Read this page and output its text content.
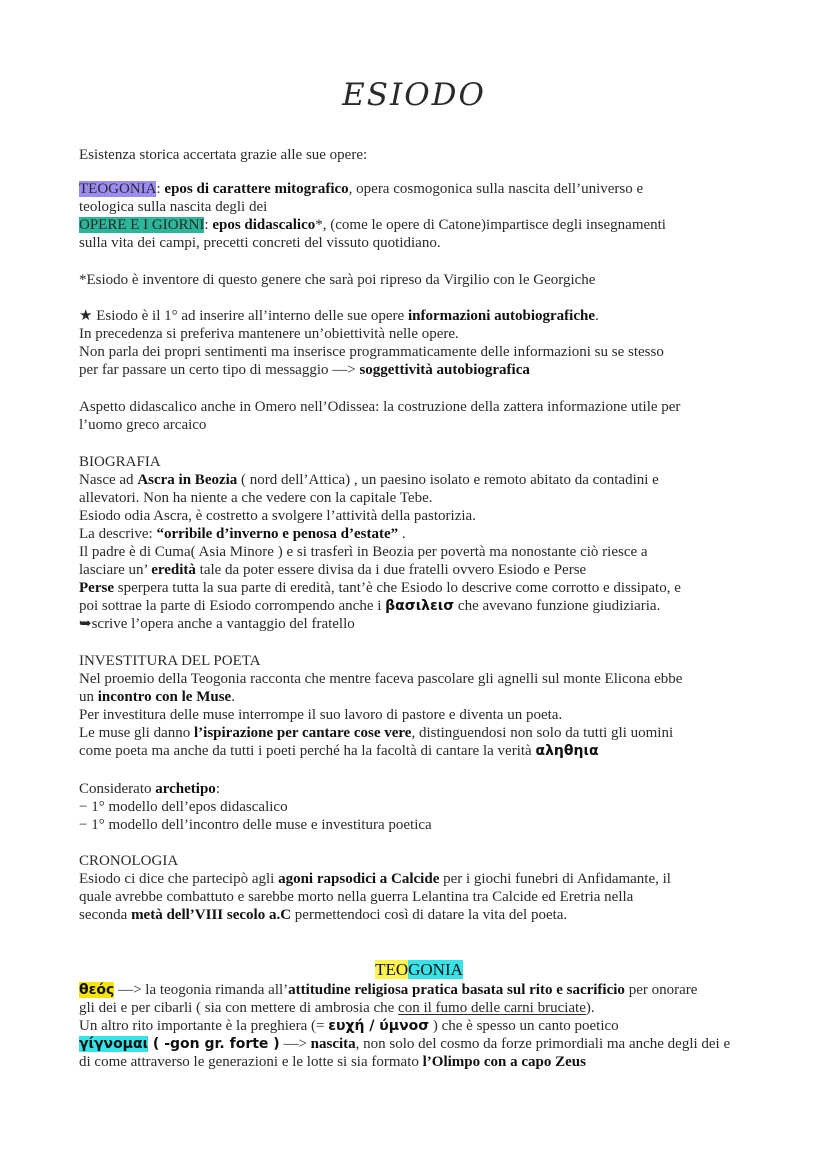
ESIODO
Esistenza storica accertata grazie alle sue opere:
TEOGONIA: epos di carattere mitografico, opera cosmogonica sulla nascita dell’universo e
teologica sulla nascita degli dei
OPERE E I GIORNI: epos didascalico*, (come le opere di Catone)impartisce degli insegnamenti
sulla vita dei campi, precetti concreti del vissuto quotidiano.
*Esiodo è inventore di questo genere che sarà poi ripreso da Virgilio con le Georgiche
★ Esiodo è il 1° ad inserire all’interno delle sue opere informazioni autobiografiche.
In precedenza si preferiva mantenere un’obiettività nelle opere.
Non parla dei propri sentimenti ma inserisce programmaticamente delle informazioni su se stesso
per far passare un certo tipo di messaggio —> soggettività autobiografica
Aspetto didascalico anche in Omero nell’Odissea: la costruzione della zattera informazione utile per
l’uomo greco arcaico
BIOGRAFIA
Nasce ad Ascra in Beozia ( nord dell’Attica) , un paesino isolato e remoto abitato da contadini e
allevatori. Non ha niente a che vedere con la capitale Tebe.
Esiodo odia Ascra, è costretto a svolgere l’attività della pastorizia.
La descrive: “orribile d’inverno e penosa d’estate” .
Il padre è di Cuma( Asia Minore ) e si trasferì in Beozia per povertà ma nonostante ciò riesce a
lasciare un’ eredità tale da poter essere divisa da i due fratelli ovvero Esiodo e Perse
Perse sperpera tutta la sua parte di eredità, tant’è che Esiodo lo descrive come corrotto e dissipato, e
poi sottrae la parte di Esiodo corrompendo anche i βασιλεισ che avevano funzione giudiziaria.
➥scrive l’opera anche a vantaggio del fratello
INVESTITURA DEL POETA
Nel proemio della Teogonia racconta che mentre faceva pascolare gli agnelli sul monte Elicona ebbe
un incontro con le Muse.
Per investitura delle muse interrompe il suo lavoro di pastore e diventa un poeta.
Le muse gli danno l’ispirazione per cantare cose vere, distinguendosi non solo da tutti gli uomini
come poeta ma anche da tutti i poeti perché ha la facoltà di cantare la verità αληθηια
Considerato archetipo:
− 1° modello dell’epos didascalico
− 1° modello dell’incontro delle muse e investitura poetica
CRONOLOGIA
Esiodo ci dice che partecipò agli agoni rapsodici a Calcide per i giochi funebri di Anfidamante, il
quale avrebbe combattuto e sarebbe morto nella guerra Lelantina tra Calcide ed Eretria nella
seconda metà dell’VIII secolo a.C permettendoci così di datare la vita del poeta.
TEOGONIA
θεός —> la teogonia rimanda all’attitudine religiosa pratica basata sul rito e sacrificio per onorare
gli dei e per cibarli ( sia con mettere di ambrosia che con il fumo delle carni bruciate).
Un altro rito importante è la preghiera (= ευχή / ύμνοσ ) che è spesso un canto poetico
γίγνομαι ( -gon gr. forte ) —> nascita, non solo del cosmo da forze primordiali ma anche degli dei e
di come attraverso le generazioni e le lotte si sia formato l’Olimpo con a capo Zeus
